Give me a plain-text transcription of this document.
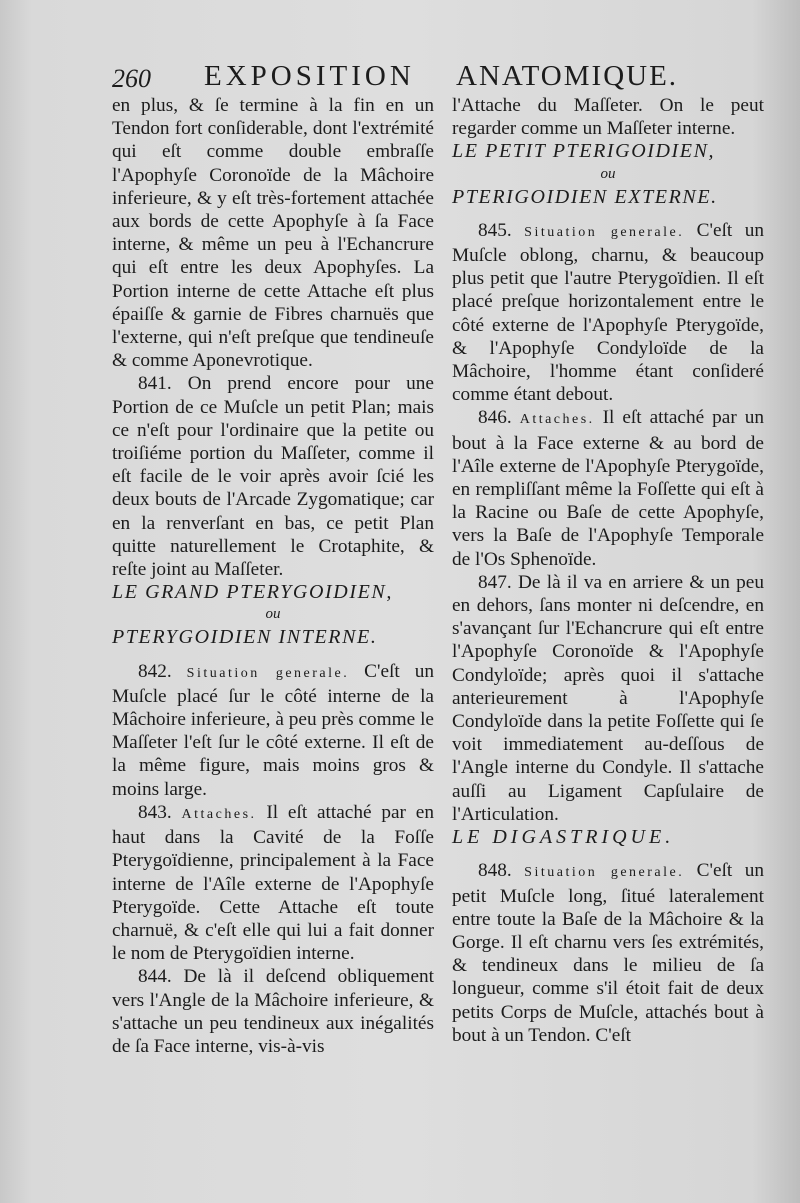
260 EXPOSITION ANATOMIQUE.

en plus, & ſe termine à la fin en un Tendon fort conſiderable, dont l'extrémité qui eſt comme double embraſſe l'Apophyſe Coronoïde de la Mâchoire inferieure, & y eſt très-fortement attachée aux bords de cette Apophyſe à ſa Face interne, & même un peu à l'Echancrure qui eſt entre les deux Apophyſes. La Portion interne de cette Attache eſt plus épaiſſe & garnie de Fibres charnuës que l'externe, qui n'eſt preſque que tendineuſe & comme Aponevrotique.

841. On prend encore pour une Portion de ce Muſcle un petit Plan; mais ce n'eſt pour l'ordinaire que la petite ou troiſiéme portion du Maſſeter, comme il eſt facile de le voir après avoir ſcié les deux bouts de l'Arcade Zygomatique; car en la renverſant en bas, ce petit Plan quitte naturellement le Crotaphite, & reſte joint au Maſſeter.

LE GRAND PTERYGOIDIEN,

ou

PTERYGOIDIEN INTERNE.

842. Situation generale. C'eſt un Muſcle placé ſur le côté interne de la Mâchoire inferieure, à peu près comme le Maſſeter l'eſt ſur le côté externe. Il eſt de la même figure, mais moins gros & moins large.

843. Attaches. Il eſt attaché par en haut dans la Cavité de la Foſſe Pterygoïdienne, principalement à la Face interne de l'Aîle externe de l'Apophyſe Pterygoïde. Cette Attache eſt toute charnuë, & c'eſt elle qui lui a fait donner le nom de Pterygoïdien interne.

844. De là il deſcend obliquement vers l'Angle de la Mâchoire inferieure, & s'attache un peu tendineux aux inégalités de ſa Face interne, vis-à-vis

l'Attache du Maſſeter. On le peut regarder comme un Maſſeter interne.

LE PETIT PTERIGOIDIEN,

ou

PTERIGOIDIEN EXTERNE.

845. Situation generale. C'eſt un Muſcle oblong, charnu, & beaucoup plus petit que l'autre Pterygoïdien. Il eſt placé preſque horizontalement entre le côté externe de l'Apophyſe Pterygoïde, & l'Apophyſe Condyloïde de la Mâchoire, l'homme étant conſideré comme étant debout.

846. Attaches. Il eſt attaché par un bout à la Face externe & au bord de l'Aîle externe de l'Apophyſe Pterygoïde, en rempliſſant même la Foſſette qui eſt à la Racine ou Baſe de cette Apophyſe, vers la Baſe de l'Apophyſe Temporale de l'Os Sphenoïde.

847. De là il va en arriere & un peu en dehors, ſans monter ni deſcendre, en s'avançant ſur l'Echancrure qui eſt entre l'Apophyſe Coronoïde & l'Apophyſe Condyloïde; après quoi il s'attache anterieurement à l'Apophyſe Condyloïde dans la petite Foſſette qui ſe voit immediatement au-deſſous de l'Angle interne du Condyle. Il s'attache auſſi au Ligament Capſulaire de l'Articulation.

LE DIGASTRIQUE.

848. Situation generale. C'eſt un petit Muſcle long, ſitué lateralement entre toute la Baſe de la Mâchoire & la Gorge. Il eſt charnu vers ſes extrémités, & tendineux dans le milieu de ſa longueur, comme s'il étoit fait de deux petits Corps de Muſcle, attachés bout à bout à un Tendon. C'eſt
